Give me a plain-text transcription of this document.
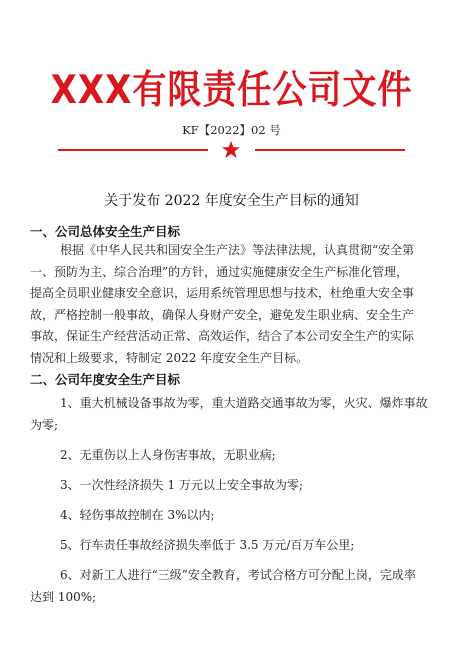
XXX有限责任公司文件
KF【2022】02 号
关于发布 2022 年度安全生产目标的通知
一、公司总体安全生产目标
根据《中华人民共和国安全生产法》等法律法规，认真贯彻“安全第
一、预防为主、综合治理”的方针，通过实施健康安全生产标准化管理，
提高全员职业健康安全意识，运用系统管理思想与技术，杜绝重大安全事
故，严格控制一般事故，确保人身财产安全，避免发生职业病、安全生产
事故，保证生产经营活动正常、高效运作，结合了本公司安全生产的实际
情况和上级要求，特制定 2022 年度安全生产目标。
二、公司年度安全生产目标
1、重大机械设备事故为零，重大道路交通事故为零，火灾、爆炸事故
为零;
2、无重伤以上人身伤害事故，无职业病;
3、一次性经济损失 1 万元以上安全事故为零;
4、轻伤事故控制在 3%以内;
5、行车责任事故经济损失率低于 3.5 万元/百万车公里;
6、对新工人进行“三级”安全教育，考试合格方可分配上岗，完成率
达到 100%;
